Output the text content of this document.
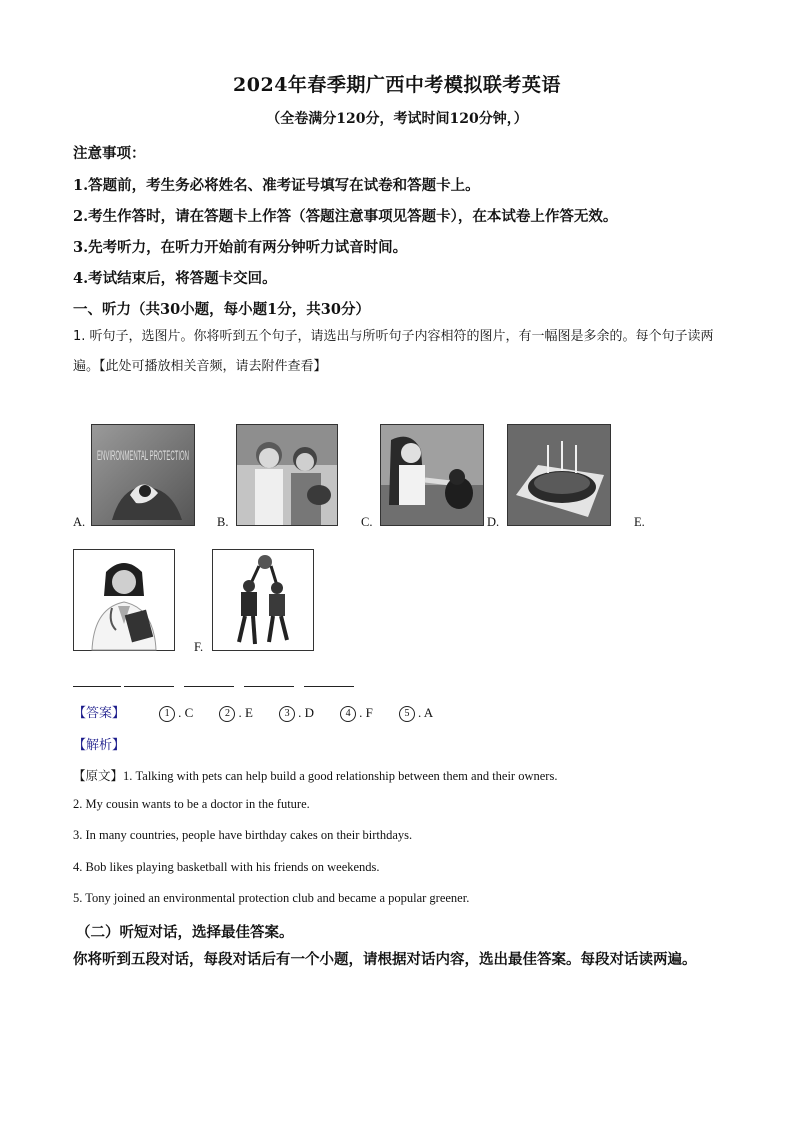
2024年春季期广西中考模拟联考英语
（全卷满分120分，考试时间120分钟，）
注意事项：
1.答题前，考生务必将姓名、准考证号填写在试卷和答题卡上。
2.考生作答时，请在答题卡上作答（答题注意事项见答题卡），在本试卷上作答无效。
3.先考听力，在听力开始前有两分钟听力试音时间。
4.考试结束后，将答题卡交回。
一、听力（共30小题，每小题1分，共30分）
1. 听句子，选图片。你将听到五个句子，请选出与所听句子内容相符的图片，有一幅图是多余的。每个句子读两遍。【此处可播放相关音频，请去附件查看】
A.
ENVIRONMENTAL PROTECTION
B.	C.	D.	E.
F.
【答案】	1 . C	2 . E	3 . D	4 . F	5 . A
【解析】
【原文】1. Talking with pets can help build a good relationship between them and their owners.
2. My cousin wants to be a doctor in the future.
3. In many countries, people have birthday cakes on their birthdays.
4. Bob likes playing basketball with his friends on weekends.
5. Tony joined an environmental protection club and became a popular greener.
（二）听短对话，选择最佳答案。
你将听到五段对话，每段对话后有一个小题，请根据对话内容，选出最佳答案。每段对话读两遍。
